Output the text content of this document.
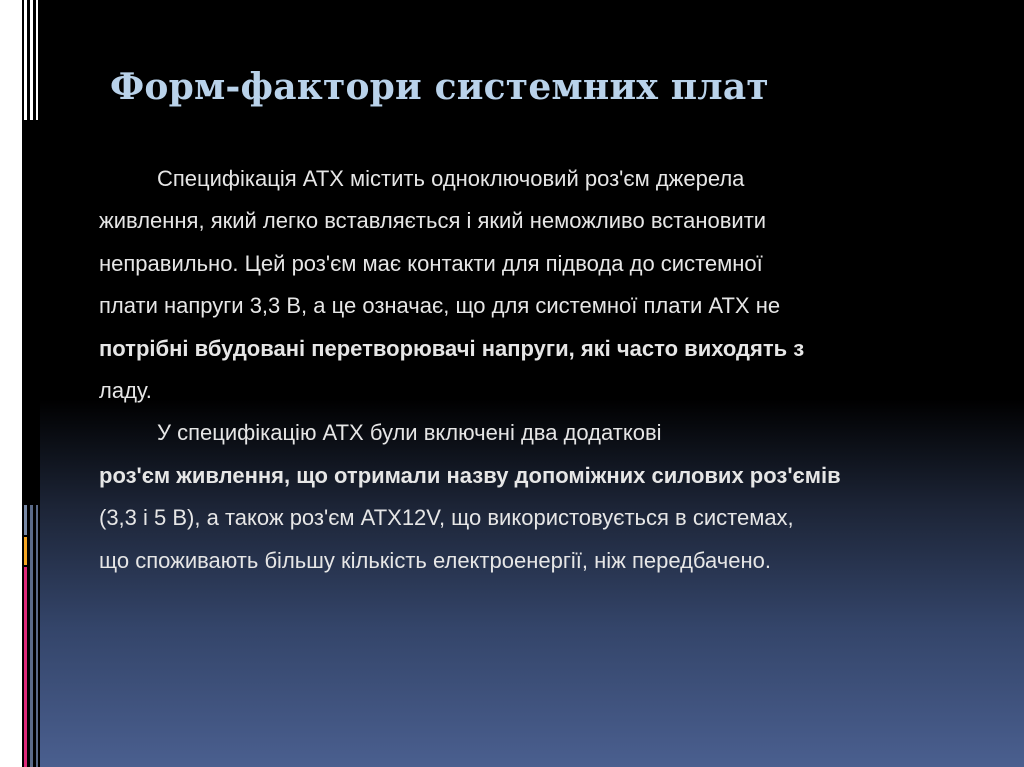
Форм-фактори системних плат

Специфікація ATX містить одноключовий роз'єм джерела
живлення, який легко вставляється і який неможливо встановити
неправильно. Цей роз'єм має контакти для підвода до системної
плати напруги 3,3 В, а це означає, що для системної плати ATX не
потрібні вбудовані перетворювачі напруги, які часто виходять з
ладу.

У специфікацію ATX були включені два додаткові

роз'єм живлення, що отримали назву допоміжних силових роз'ємів
(3,3 і 5 В), а також роз'єм ATX12V, що використовується в системах,
що споживають більшу кількість електроенергії, ніж передбачено.
